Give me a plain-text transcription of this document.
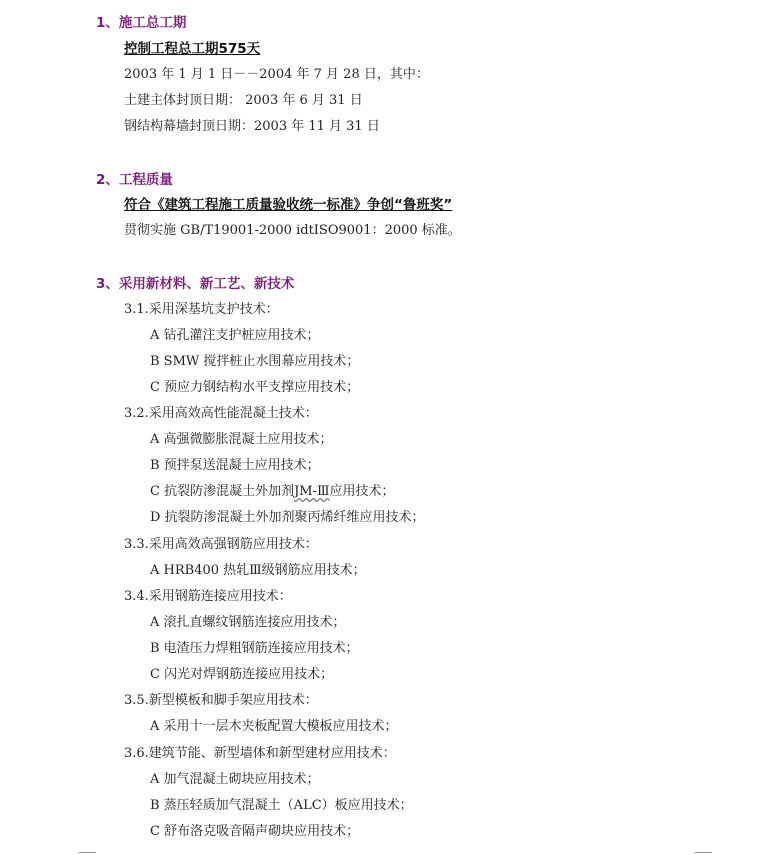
1、施工总工期
控制工程总工期575天
2003 年 1 月 1 日－－2004 年 7 月 28 日，其中：
土建主体封顶日期： 2003 年 6 月 31 日
钢结构幕墙封顶日期：2003 年 11 月 31 日
2、工程质量
符合《建筑工程施工质量验收统一标准》争创“鲁班奖”
贯彻实施 GB/T19001-2000 idtISO9001：2000 标准。
3、采用新材料、新工艺、新技术
3.1.采用深基坑支护技术：
A 钻孔灌注支护桩应用技术；
B SMW 搅拌桩止水围幕应用技术；
C 预应力钢结构水平支撑应用技术；
3.2.采用高效高性能混凝土技术：
A 高强微膨胀混凝土应用技术；
B 预拌泵送混凝土应用技术；
C 抗裂防渗混凝土外加剂JM-Ⅲ应用技术；
D 抗裂防渗混凝土外加剂聚丙烯纤维应用技术；
3.3.采用高效高强钢筋应用技术：
A HRB400 热轧Ⅲ级钢筋应用技术；
3.4.采用钢筋连接应用技术：
A 滚扎直螺纹钢筋连接应用技术；
B 电渣压力焊粗钢筋连接应用技术；
C 闪光对焊钢筋连接应用技术；
3.5.新型模板和脚手架应用技术：
A 采用十一层木夹板配置大模板应用技术；
3.6.建筑节能、新型墙体和新型建材应用技术：
A 加气混凝土砌块应用技术；
B 蒸压轻质加气混凝土（ALC）板应用技术；
C 舒布洛克吸音隔声砌块应用技术；
